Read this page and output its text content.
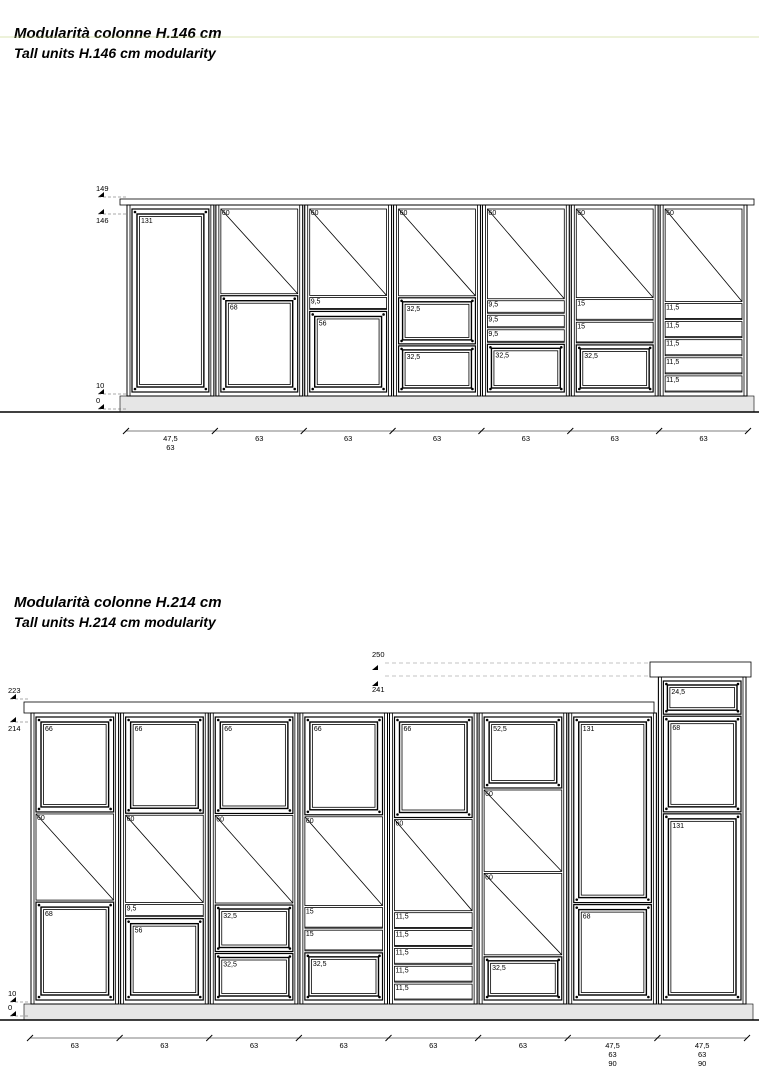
Modularità colonne H.146 cm
Tall units H.146 cm modularity
Modularità colonne H.214 cm
Tall units H.214 cm modularity
131
47,5
63
60
68
63
60
9,5
56
63
60
32,5
32,5
63
60
9,5
9,5
9,5
32,5
63
60
15
15
32,5
63
60
11,5
11,5
11,5
11,5
11,5
63
149
146
10
0
250
241
66
60
68
63
66
60
9,5
56
63
66
60
32,5
32,5
63
66
60
15
15
32,5
63
66
60
11,5
11,5
11,5
11,5
11,5
63
52,5
60
60
32,5
63
131
68
47,5
63
90
24,5
68
131
47,5
63
90
223
214
10
0
